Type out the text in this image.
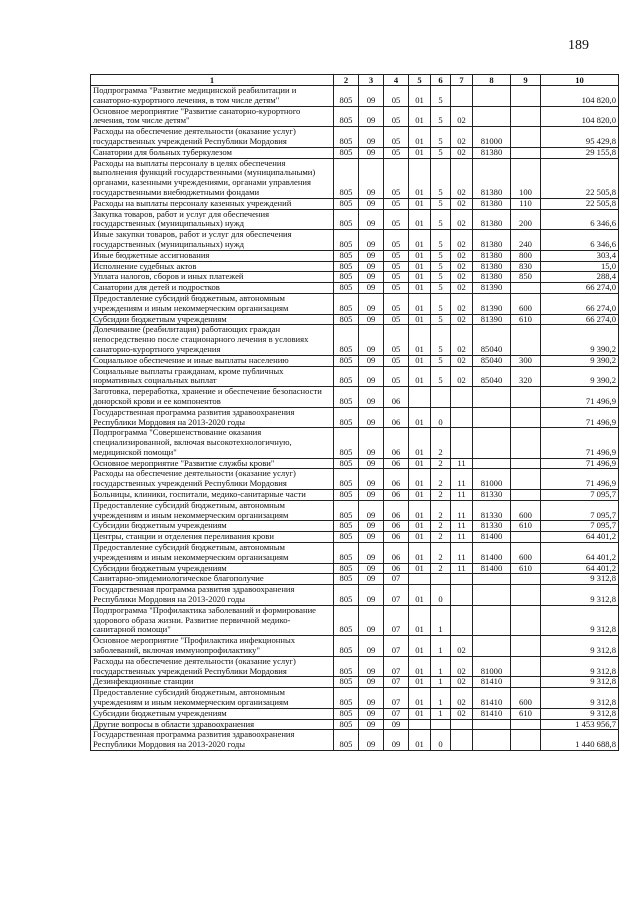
189
1	2	3	4	5	6	7	8	9	10
Подпрограмма "Развитие медицинской реабилитации и санаторно-курортного лечения, в том числе детям"	805	09	05	01	5				104 820,0
Основное мероприятие "Развитие санаторно-курортного лечения, том числе детям"	805	09	05	01	5	02			104 820,0
Расходы на обеспечение деятельности (оказание услуг) государственных учреждений Республики Мордовия	805	09	05	01	5	02	81000		95 429,8
Санатории для больных туберкулезом	805	09	05	01	5	02	81380		29 155,8
Расходы на выплаты персоналу в целях обеспечения выполнения функций государственными (муниципальными) органами, казенными учреждениями, органами управления государственными внебюджетными фондами	805	09	05	01	5	02	81380	100	22 505,8
Расходы на выплаты персоналу казенных учреждений	805	09	05	01	5	02	81380	110	22 505,8
Закупка товаров, работ и услуг для обеспечения государственных (муниципальных) нужд	805	09	05	01	5	02	81380	200	6 346,6
Иные закупки товаров, работ и услуг для обеспечения государственных (муниципальных) нужд	805	09	05	01	5	02	81380	240	6 346,6
Иные бюджетные ассигнования	805	09	05	01	5	02	81380	800	303,4
Исполнение судебных актов	805	09	05	01	5	02	81380	830	15,0
Уплата налогов, сборов и иных платежей	805	09	05	01	5	02	81380	850	288,4
Санатории для детей и подростков	805	09	05	01	5	02	81390		66 274,0
Предоставление субсидий бюджетным, автономным учреждениям и иным некоммерческим организациям	805	09	05	01	5	02	81390	600	66 274,0
Субсидии бюджетным учреждениям	805	09	05	01	5	02	81390	610	66 274,0
Долечивание (реабилитация) работающих граждан непосредственно после стационарного лечения в условиях санаторно-курортного учреждения	805	09	05	01	5	02	85040		9 390,2
Социальное обеспечение и иные выплаты населению	805	09	05	01	5	02	85040	300	9 390,2
Социальные выплаты гражданам, кроме публичных нормативных социальных выплат	805	09	05	01	5	02	85040	320	9 390,2
Заготовка, переработка, хранение и обеспечение безопасности донорской крови и ее компонентов	805	09	06						71 496,9
Государственная программа развития здравоохранения Республики Мордовия на 2013-2020 годы	805	09	06	01	0				71 496,9
Подпрограмма "Совершенствование оказания специализированной, включая высокотехнологичную, медицинской помощи"	805	09	06	01	2				71 496,9
Основное мероприятие "Развитие службы крови"	805	09	06	01	2	11			71 496,9
Расходы на обеспечение деятельности (оказание услуг) государственных учреждений Республики Мордовия	805	09	06	01	2	11	81000		71 496,9
Больницы, клиники, госпитали, медико-санитарные части	805	09	06	01	2	11	81330		7 095,7
Предоставление субсидий бюджетным, автономным учреждениям и иным некоммерческим организациям	805	09	06	01	2	11	81330	600	7 095,7
Субсидии бюджетным учреждениям	805	09	06	01	2	11	81330	610	7 095,7
Центры, станции и отделения переливания крови	805	09	06	01	2	11	81400		64 401,2
Предоставление субсидий бюджетным, автономным учреждениям и иным некоммерческим организациям	805	09	06	01	2	11	81400	600	64 401,2
Субсидии бюджетным учреждениям	805	09	06	01	2	11	81400	610	64 401,2
Санитарно-эпидемиологическое благополучие	805	09	07						9 312,8
Государственная программа развития здравоохранения Республики Мордовия на 2013-2020 годы	805	09	07	01	0				9 312,8
Подпрограмма "Профилактика заболеваний и формирование здорового образа жизни. Развитие первичной медико-санитарной помощи"	805	09	07	01	1				9 312,8
Основное мероприятие "Профилактика инфекционных заболеваний, включая иммунопрофилактику"	805	09	07	01	1	02			9 312,8
Расходы на обеспечение деятельности (оказание услуг) государственных учреждений Республики Мордовия	805	09	07	01	1	02	81000		9 312,8
Дезинфекционные станции	805	09	07	01	1	02	81410		9 312,8
Предоставление субсидий бюджетным, автономным учреждениям и иным некоммерческим организациям	805	09	07	01	1	02	81410	600	9 312,8
Субсидии бюджетным учреждениям	805	09	07	01	1	02	81410	610	9 312,8
Другие вопросы в области здравоохранения	805	09	09						1 453 956,7
Государственная программа развития здравоохранения Республики Мордовия на 2013-2020 годы	805	09	09	01	0				1 440 688,8
